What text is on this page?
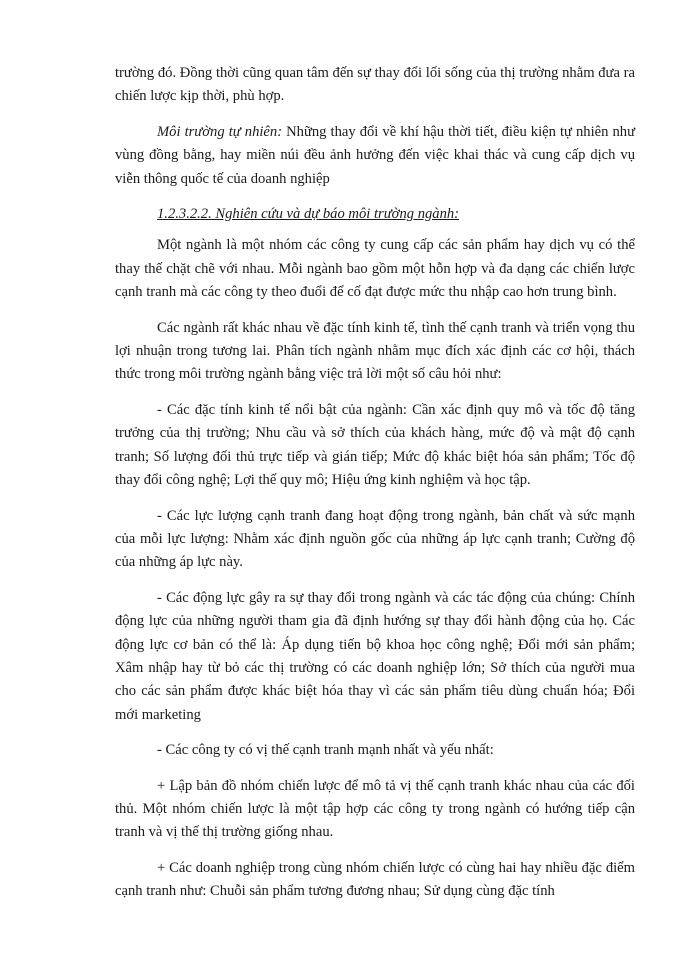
trường đó. Đồng thời cũng quan tâm đến sự thay đổi lối sống của thị trường nhằm đưa ra chiến lược kịp thời, phù hợp.

Môi trường tự nhiên: Những thay đổi về khí hậu thời tiết, điều kiện tự nhiên như vùng đồng bằng, hay miền núi đều ảnh hưởng đến việc khai thác và cung cấp dịch vụ viễn thông quốc tế của doanh nghiệp

1.2.3.2.2. Nghiên cứu và dự báo môi trường ngành:

Một ngành là một nhóm các công ty cung cấp các sản phẩm hay dịch vụ có thể thay thế chặt chẽ với nhau. Mỗi ngành bao gồm một hỗn hợp và đa dạng các chiến lược cạnh tranh mà các công ty theo đuổi để cố đạt được mức thu nhập cao hơn trung bình.

Các ngành rất khác nhau về đặc tính kinh tế, tình thế cạnh tranh và triển vọng thu lợi nhuận trong tương lai. Phân tích ngành nhằm mục đích xác định các cơ hội, thách thức trong môi trường ngành bằng việc trả lời một số câu hỏi như:

- Các đặc tính kinh tế nổi bật của ngành: Cần xác định quy mô và tốc độ tăng trưởng của thị trường; Nhu cầu và sở thích của khách hàng, mức độ và mật độ cạnh tranh; Số lượng đối thủ trực tiếp và gián tiếp; Mức độ khác biệt hóa sản phẩm; Tốc độ thay đổi công nghệ; Lợi thế quy mô; Hiệu ứng kinh nghiệm và học tập.

- Các lực lượng cạnh tranh đang hoạt động trong ngành, bản chất và sức mạnh của mỗi lực lượng: Nhằm xác định nguồn gốc của những áp lực cạnh tranh; Cường độ của những áp lực này.

- Các động lực gây ra sự thay đổi trong ngành và các tác động của chúng: Chính động lực của những người tham gia đã định hướng sự thay đổi hành động của họ. Các động lực cơ bản có thể là: Áp dụng tiến bộ khoa học công nghệ; Đổi mới sản phẩm; Xâm nhập hay từ bỏ các thị trường có các doanh nghiệp lớn; Sở thích của người mua cho các sản phẩm được khác biệt hóa thay vì các sản phẩm tiêu dùng chuẩn hóa; Đổi mới marketing

- Các công ty có vị thế cạnh tranh mạnh nhất và yếu nhất:

+ Lập bản đồ nhóm chiến lược để mô tả vị thế cạnh tranh khác nhau của các đối thủ. Một nhóm chiến lược là một tập hợp các công ty trong ngành có hướng tiếp cận tranh và vị thế thị trường giống nhau.

+ Các doanh nghiệp trong cùng nhóm chiến lược có cùng hai hay nhiều đặc điểm cạnh tranh như: Chuỗi sản phẩm tương đương nhau; Sử dụng cùng đặc tính
